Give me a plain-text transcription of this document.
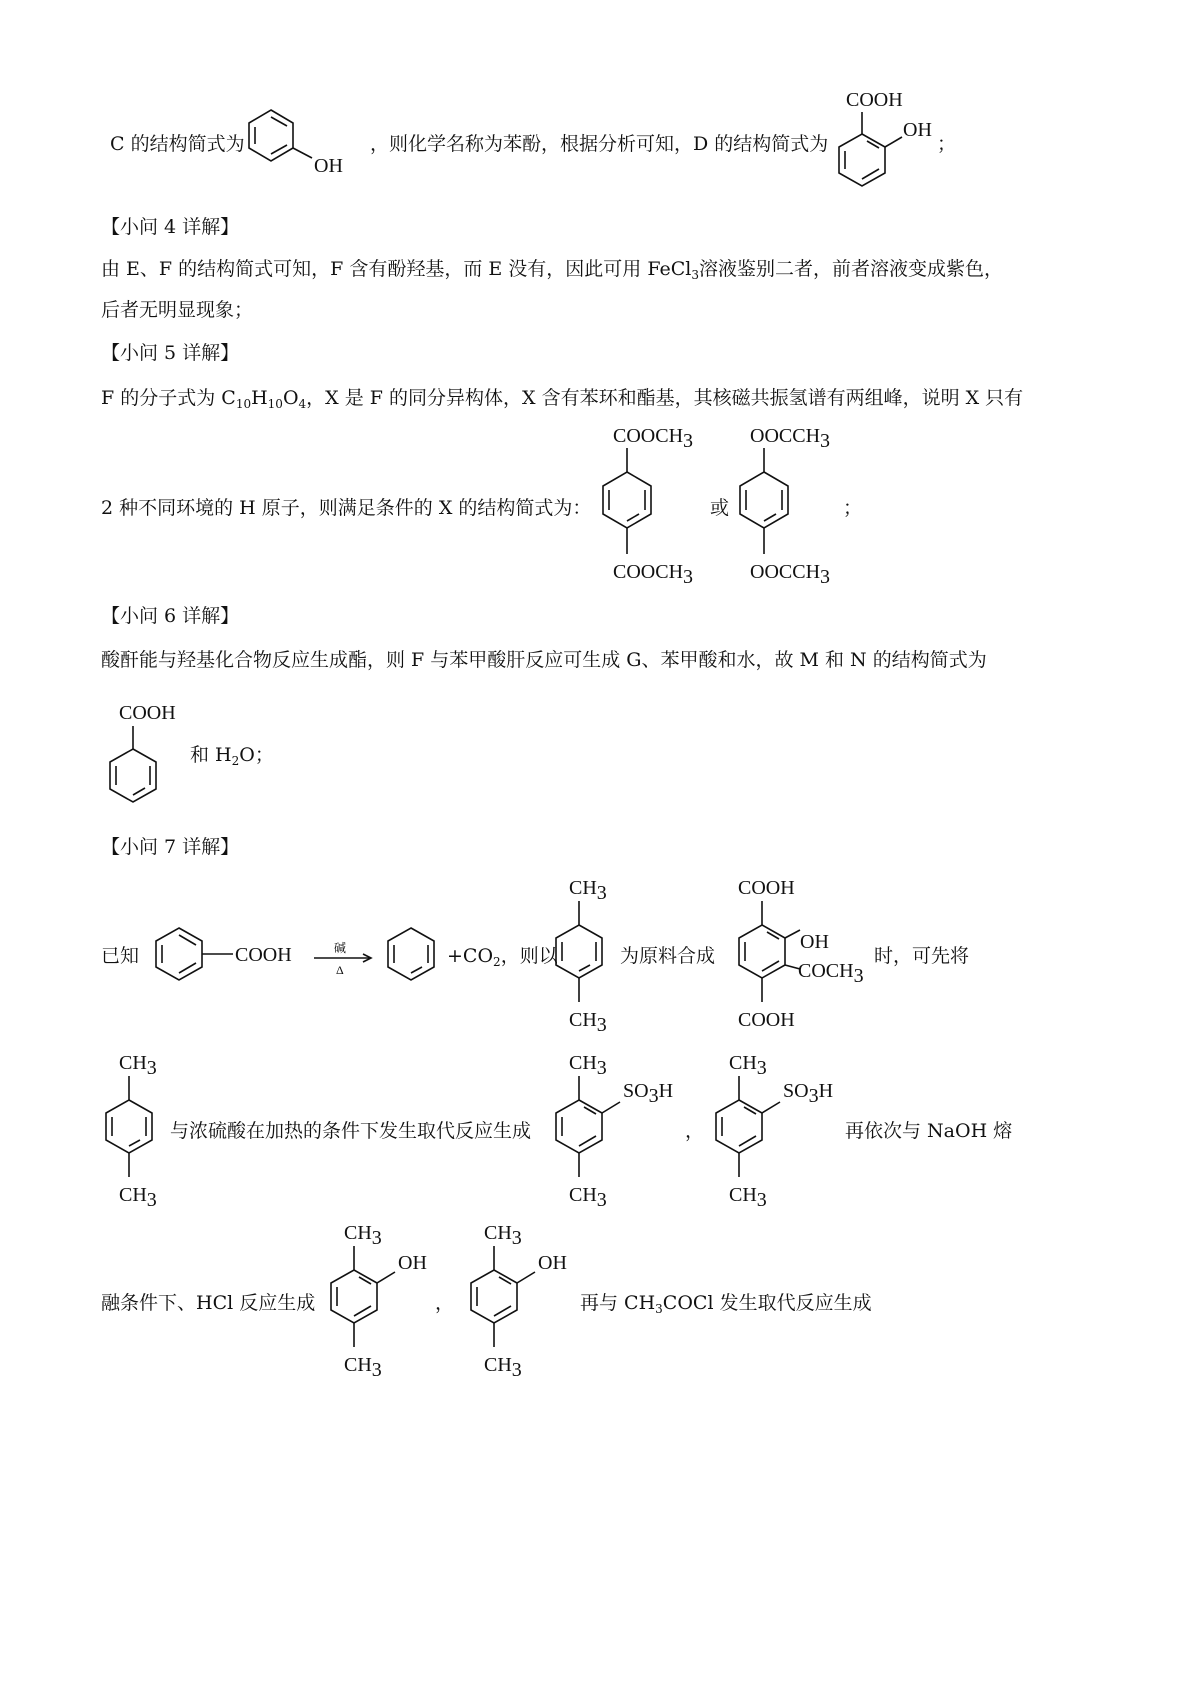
C 的结构简式为
OH
，则化学名称为苯酚，根据分析可知，D 的结构简式为
COOH
OH
；
【小问 4 详解】
由 E、F 的结构简式可知，F 含有酚羟基，而 E 没有，因此可用 FeCl$_3$溶液鉴别二者，前者溶液变成紫色，
后者无明显现象；
【小问 5 详解】
F 的分子式为 $C_{10}H_{10}O_4$，X 是 F 的同分异构体，X 含有苯环和酯基，其核磁共振氢谱有两组峰，说明 X 只有
2 种不同环境的 H 原子，则满足条件的 X 的结构简式为：
COOCH3
COOCH3
或
OOCCH3
OOCCH3
；
【小问 6 详解】
酸酐能与羟基化合物反应生成酯，则 F 与苯甲酸肝反应可生成 G、苯甲酸和水，故 M 和 N 的结构简式为
COOH
和 $H_2O$；
【小问 7 详解】
已知	COOH	碱
Δ
$+CO_2$，则以
CH3
CH3
为原料合成
COOH
OH
COCH3
COOH
时，可先将
CH3
CH3
与浓硫酸在加热的条件下发生取代反应生成
CH3
SO3H
CH3
，
CH3
SO3H
CH3
再依次与 NaOH 熔
融条件下、HCl 反应生成
CH3
OH
CH3
，
CH3
OH
CH3
再与 $CH_3COCl$ 发生取代反应生成
